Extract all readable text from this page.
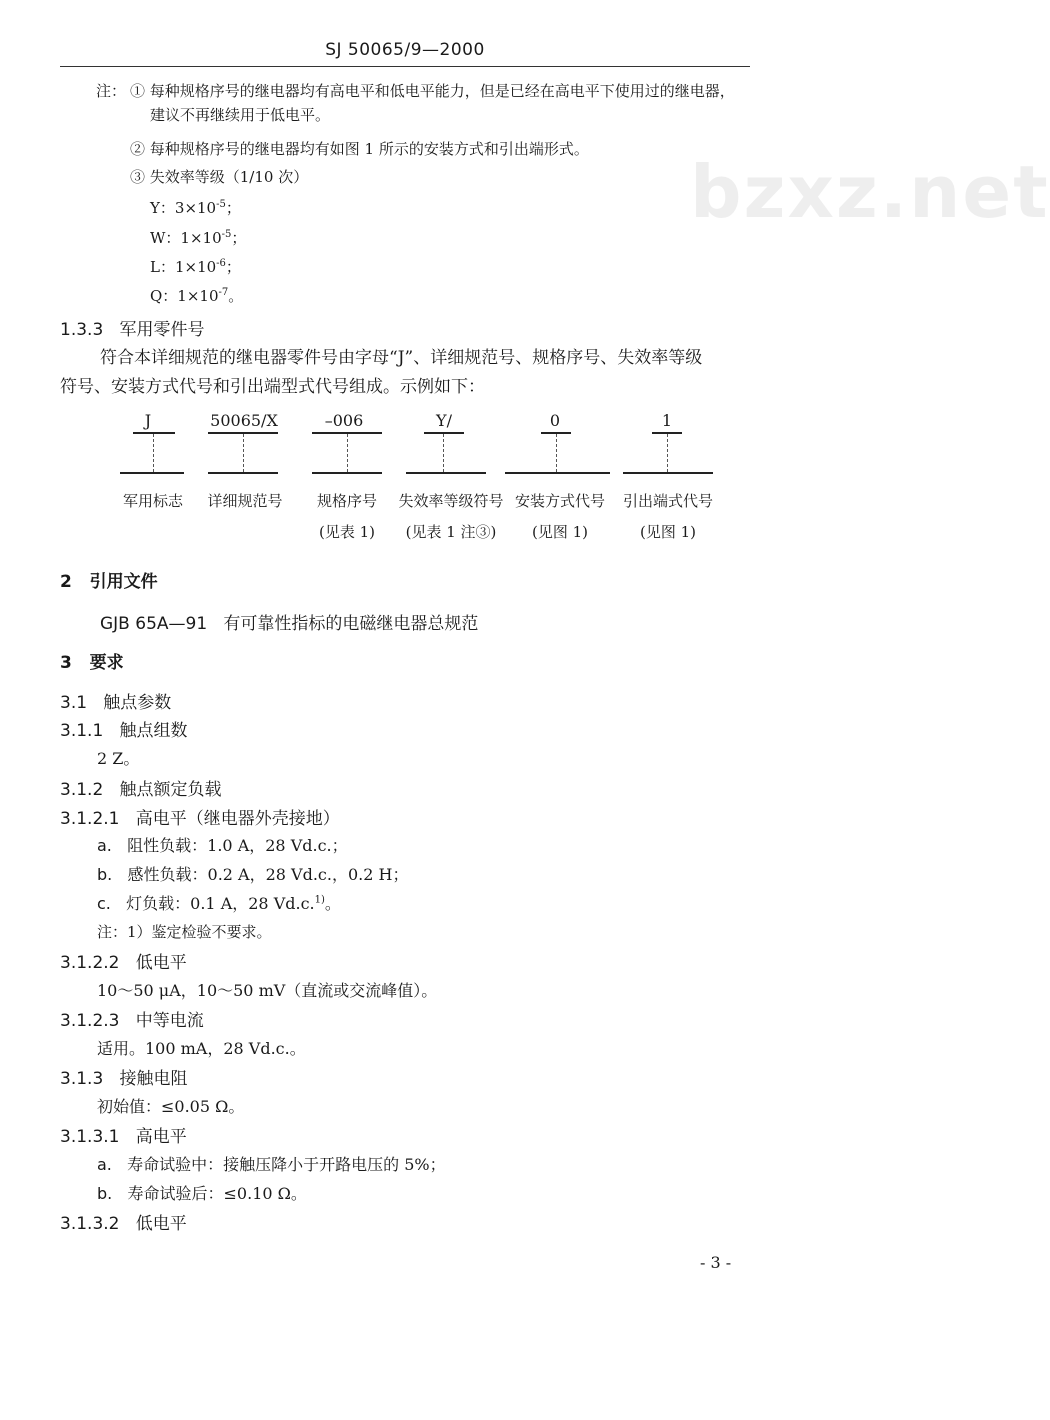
SJ 50065/9—2000
bzxz.net
注： ① 每种规格序号的继电器均有高电平和低电平能力，但是已经在高电平下使用过的继电器，
建议不再继续用于低电平。
② 每种规格序号的继电器均有如图 1 所示的安装方式和引出端形式。
③ 失效率等级（1/10 次）
Y：$3\times 10^{-5}$；
W：$1\times 10^{-5}$；
L：$1\times 10^{-6}$；
Q：$1\times 10^{-7}$。
1.3.3 军用零件号
符合本详细规范的继电器零件号由字母“J”、详细规范号、规格序号、失效率等级
符号、安装方式代号和引出端型式代号组成。示例如下：
J
军用标志
50065/X
详细规范号
–006
规格序号
(见表 1)
Y/
失效率等级符号
(见表 1 注③)
0
安装方式代号
(见图 1)
1
引出端式代号
(见图 1)
2 引用文件
GJB 65A—91 有可靠性指标的电磁继电器总规范
3 要求
3.1 触点参数
3.1.1 触点组数
2 Z。
3.1.2 触点额定负载
3.1.2.1 高电平（继电器外壳接地）
a. 阻性负载：1.0 A，28 Vd.c.；
b. 感性负载：0.2 A，28 Vd.c.，0.2 H；
c. 灯负载：0.1 A，28 Vd.c.$^{1)}$。
注：1）鉴定检验不要求。
3.1.2.2 低电平
10～50 μA，10～50 mV（直流或交流峰值）。
3.1.2.3 中等电流
适用。100 mA，28 Vd.c.。
3.1.3 接触电阻
初始值：≤0.05 Ω。
3.1.3.1 高电平
a. 寿命试验中：接触压降小于开路电压的 5%；
b. 寿命试验后：≤0.10 Ω。
3.1.3.2 低电平
- 3 -
